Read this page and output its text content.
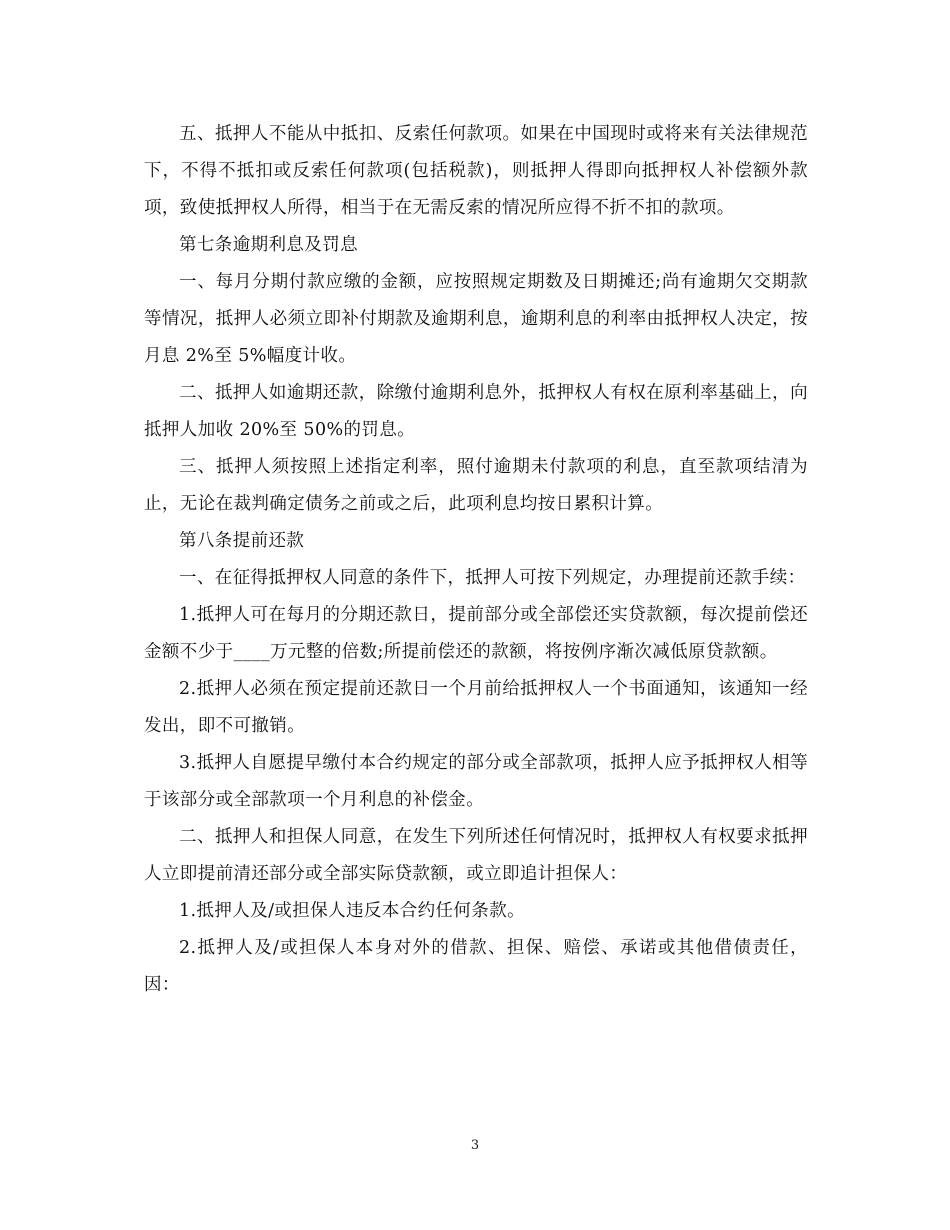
五、抵押人不能从中抵扣、反索任何款项。如果在中国现时或将来有关法律规范下，不得不抵扣或反索任何款项(包括税款)，则抵押人得即向抵押权人补偿额外款项，致使抵押权人所得，相当于在无需反索的情况所应得不折不扣的款项。

第七条逾期利息及罚息

一、每月分期付款应缴的金额，应按照规定期数及日期摊还;尚有逾期欠交期款等情况，抵押人必须立即补付期款及逾期利息，逾期利息的利率由抵押权人决定，按月息 2%至 5%幅度计收。

二、抵押人如逾期还款，除缴付逾期利息外，抵押权人有权在原利率基础上，向抵押人加收 20%至 50%的罚息。

三、抵押人须按照上述指定利率，照付逾期未付款项的利息，直至款项结清为止，无论在裁判确定债务之前或之后，此项利息均按日累积计算。

第八条提前还款

一、在征得抵押权人同意的条件下，抵押人可按下列规定，办理提前还款手续：

1.抵押人可在每月的分期还款日，提前部分或全部偿还实贷款额，每次提前偿还金额不少于____万元整的倍数;所提前偿还的款额，将按例序渐次减低原贷款额。

2.抵押人必须在预定提前还款日一个月前给抵押权人一个书面通知，该通知一经发出，即不可撤销。

3.抵押人自愿提早缴付本合约规定的部分或全部款项，抵押人应予抵押权人相等于该部分或全部款项一个月利息的补偿金。

二、抵押人和担保人同意，在发生下列所述任何情况时，抵押权人有权要求抵押人立即提前清还部分或全部实际贷款额，或立即追计担保人：

1.抵押人及/或担保人违反本合约任何条款。

2.抵押人及/或担保人本身对外的借款、担保、赔偿、承诺或其他借债责任，因：

3
